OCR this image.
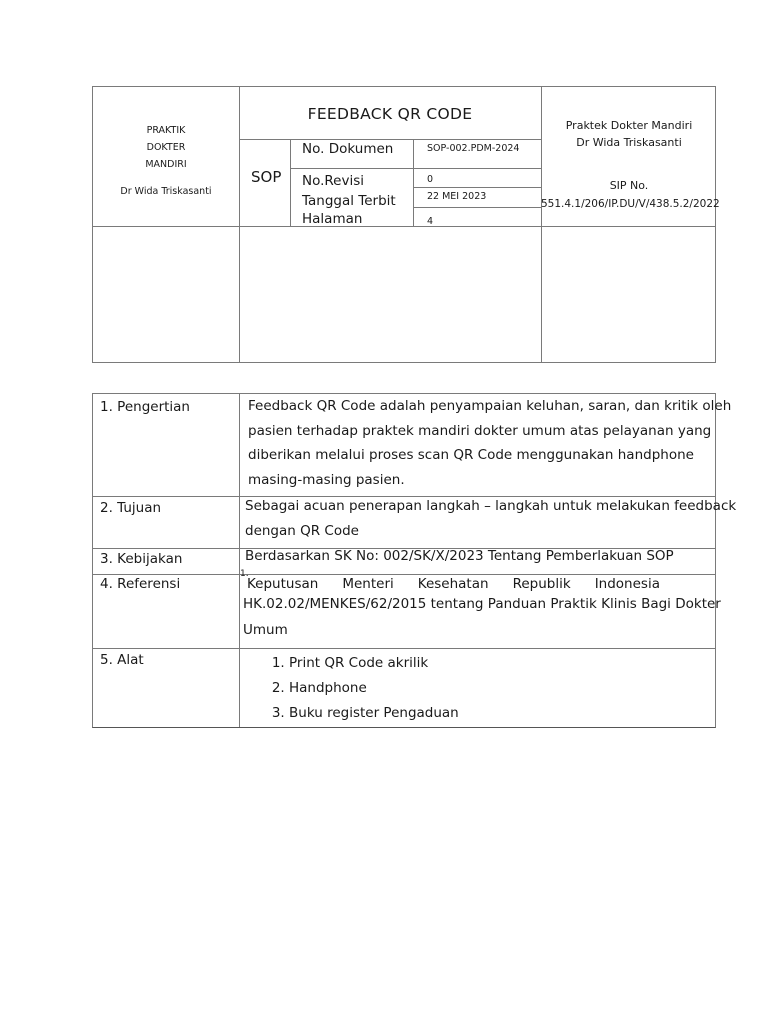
PRAKTIK
DOKTER
MANDIRI
Dr Wida Triskasanti
FEEDBACK QR CODE
SOP
No. Dokumen	SOP-002.PDM-2024
No.Revisi	0
Tanggal Terbit	22 MEI 2023
Halaman	4
Praktek Dokter Mandiri
Dr Wida Triskasanti
SIP No.
551.4.1/206/IP.DU/V/438.5.2/2022
1. Pengertian	Feedback QR Code adalah penyampaian keluhan, saran, dan kritik oleh
pasien terhadap praktek mandiri dokter umum atas pelayanan yang
diberikan melalui proses scan QR Code menggunakan handphone
masing-masing pasien.
2. Tujuan	Sebagai acuan penerapan langkah – langkah untuk melakukan feedback
dengan QR Code
3. Kebijakan	Berdasarkan SK No: 002/SK/X/2023 Tentang Pemberlakuan SOP
4. Referensi
1.
Keputusan Menteri Kesehatan Republik Indonesia
HK.02.02/MENKES/62/2015 tentang Panduan Praktik Klinis Bagi Dokter
Umum
5. Alat
1.	Print QR Code akrilik
2. Handphone
3. Buku register Pengaduan
